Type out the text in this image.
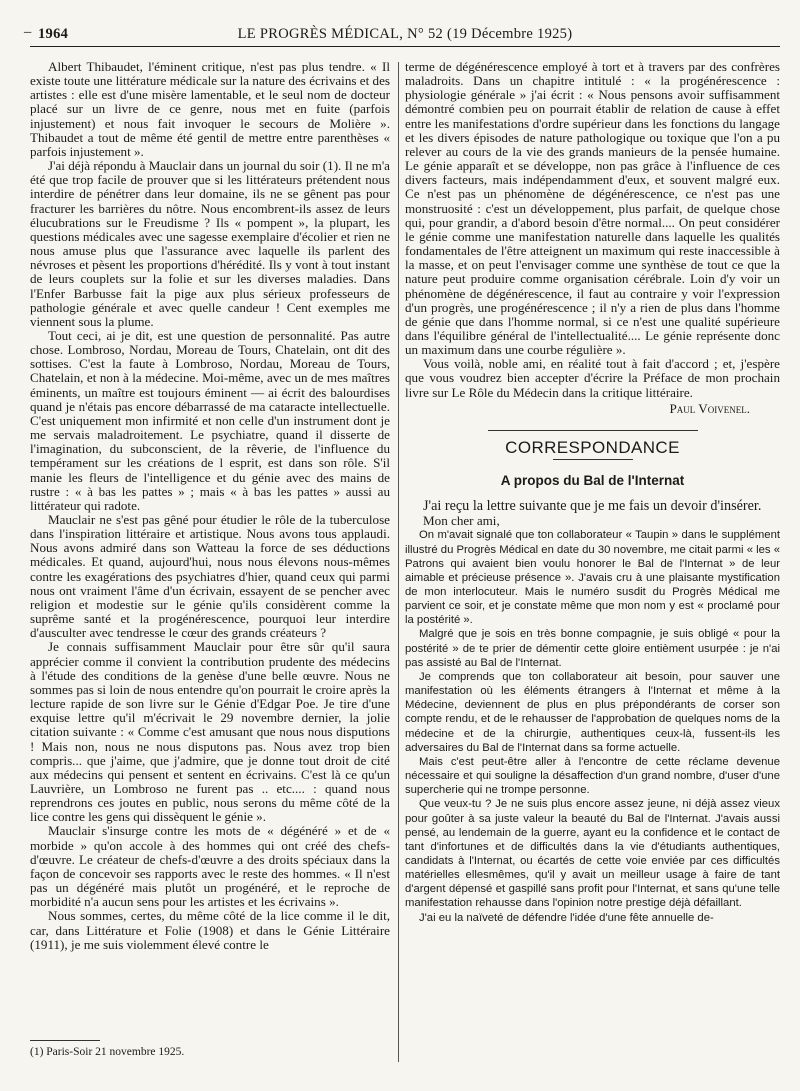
– 1964	LE PROGRÈS MÉDICAL, N° 52 (19 Décembre 1925)

Albert Thibaudet, l'éminent critique, n'est pas plus tendre. « Il existe toute une littérature médicale sur la nature des écrivains et des artistes : elle est d'une misère lamentable, et le seul nom de docteur placé sur un livre de ce genre, nous met en fuite (parfois injustement) et nous fait invoquer le secours de Molière ». Thibaudet a tout de même été gentil de mettre entre parenthèses « parfois injustement ».

J'ai déjà répondu à Mauclair dans un journal du soir (1). Il ne m'a été que trop facile de prouver que si les littérateurs prétendent nous interdire de pénétrer dans leur domaine, ils ne se gênent pas pour fracturer les barrières du nôtre. Nous encombrent-ils assez de leurs élucubrations sur le Freudisme ? Ils « pompent », la plupart, les questions médicales avec une sagesse exemplaire d'écolier et rien ne nous amuse plus que l'assurance avec laquelle ils parlent des névroses et pèsent les proportions d'hérédité. Ils y vont à tout instant de leurs couplets sur la folie et sur les diverses maladies. Dans l'Enfer Barbusse fait la pige aux plus sérieux professeurs de pathologie générale et avec quelle candeur ! Cent exemples me viennent sous la plume.

Tout ceci, ai je dit, est une question de personnalité. Pas autre chose. Lombroso, Nordau, Moreau de Tours, Chatelain, ont dit des sottises. C'est la faute à Lombroso, Nordau, Moreau de Tours, Chatelain, et non à la médecine. Moi-même, avec un de mes maîtres éminents, un maître est toujours éminent — ai écrit des balourdises quand je n'étais pas encore débarrassé de ma cataracte intellectuelle. C'est uniquement mon infirmité et non celle d'un instrument dont je me servais maladroitement. Le psychiatre, quand il disserte de l'imagination, du subconscient, de la rêverie, de l'influence du tempérament sur les créations de l esprit, est dans son rôle. S'il manie les fleurs de l'intelligence et du génie avec des mains de rustre : « à bas les pattes » ; mais « à bas les pattes » aussi au littérateur qui radote.

Mauclair ne s'est pas gêné pour étudier le rôle de la tuberculose dans l'inspiration littéraire et artistique. Nous avons tous applaudi. Nous avons admiré dans son Watteau la force de ses déductions médicales. Et quand, aujourd'hui, nous nous élevons nous-mêmes contre les exagérations des psychiatres d'hier, quand ceux qui parmi nous ont vraiment l'âme d'un écrivain, essayent de se pencher avec religion et modestie sur le génie qu'ils considèrent comme la suprême santé et la progénérescence, pourquoi leur interdire d'ausculter avec tendresse le cœur des grands créateurs ?

Je connais suffisamment Mauclair pour être sûr qu'il saura apprécier comme il convient la contribution prudente des médecins à l'étude des conditions de la genèse d'une belle œuvre. Nous ne sommes pas si loin de nous entendre qu'on pourrait le croire après la lecture rapide de son livre sur le Génie d'Edgar Poe. Je tire d'une exquise lettre qu'il m'écrivait le 29 novembre dernier, la jolie citation suivante : « Comme c'est amusant que nous nous disputions ! Mais non, nous ne nous disputons pas. Nous avez trop bien compris... que j'aime, que j'admire, que je donne tout droit de cité aux médecins qui pensent et sentent en écrivains. C'est là ce qu'un Lauvrière, un Lombroso ne furent pas .. etc.... : quand nous reprendrons ces joutes en public, nous serons du même côté de la lice contre les gens qui dissèquent le génie ».

Mauclair s'insurge contre les mots de « dégénéré » et de « morbide » qu'on accole à des hommes qui ont créé des chefs-d'œuvre. Le créateur de chefs-d'œuvre a des droits spéciaux dans la façon de concevoir ses rapports avec le reste des hommes. « Il n'est pas un dégénéré mais plutôt un progénéré, et le reproche de morbidité n'a aucun sens pour les artistes et les écrivains ».

Nous sommes, certes, du même côté de la lice comme il le dit, car, dans Littérature et Folie (1908) et dans le Génie Littéraire (1911), je me suis violemment élevé contre le

terme de dégénérescence employé à tort et à travers par des confrères maladroits. Dans un chapitre intitulé : « la progénérescence : physiologie générale » j'ai écrit : « Nous pensons avoir suffisamment démontré combien peu on pourrait établir de relation de cause à effet entre les manifestations d'ordre supérieur dans les fonctions du langage et les divers épisodes de nature pathologique ou toxique que l'on a pu relever au cours de la vie des grands manieurs de la pensée humaine. Le génie apparaît et se développe, non pas grâce à l'influence de ces divers facteurs, mais indépendamment d'eux, et souvent malgré eux. Ce n'est pas un phénomène de dégénérescence, ce n'est pas une monstruosité : c'est un développement, plus parfait, de quelque chose qui, pour grandir, a d'abord besoin d'être normal.... On peut considérer le génie comme une manifestation naturelle dans laquelle les qualités fondamentales de l'être atteignent un maximum qui reste inaccessible à la masse, et on peut l'envisager comme une synthèse de tout ce que la nature peut produire comme organisation cérébrale. Loin d'y voir un phénomène de dégénérescence, il faut au contraire y voir l'expression d'un progrès, une progénérescence ; il n'y a rien de plus dans l'homme de génie que dans l'homme normal, si ce n'est une qualité supérieure dans l'équilibre général de l'intellectualité.... Le génie représente donc un maximum dans une courbe régulière ».

Vous voilà, noble ami, en réalité tout à fait d'accord ; et, j'espère que vous voudrez bien accepter d'écrire la Préface de mon prochain livre sur Le Rôle du Médecin dans la critique littéraire.

Paul Voivenel.
CORRESPONDANCE
A propos du Bal de l'Internat

J'ai reçu la lettre suivante que je me fais un devoir d'insérer.

Mon cher ami,

On m'avait signalé que ton collaborateur « Taupin » dans le supplément illustré du Progrès Médical en date du 30 novembre, me citait parmi « les « Patrons qui avaient bien voulu honorer le Bal de l'Internat » de leur aimable et précieuse présence ». J'avais cru à une plaisante mystification de mon interlocuteur. Mais le numéro susdit du Progrès Médical me parvient ce soir, et je constate même que mon nom y est « proclamé pour la postérité ».

Malgré que je sois en très bonne compagnie, je suis obligé « pour la postérité » de te prier de démentir cette gloire entièment usurpée : je n'ai pas assisté au Bal de l'Internat.

Je comprends que ton collaborateur ait besoin, pour sauver une manifestation où les éléments étrangers à l'Internat et même à la Médecine, deviennent de plus en plus prépondérants de corser son compte rendu, et de le rehausser de l'approbation de quelques noms de la médecine et de la chirurgie, authentiques ceux-là, fussent-ils les adversaires du Bal de l'Internat dans sa forme actuelle.

Mais c'est peut-être aller à l'encontre de cette réclame devenue nécessaire et qui souligne la désaffection d'un grand nombre, d'user d'une supercherie qui ne trompe personne.

Que veux-tu ? Je ne suis plus encore assez jeune, ni déjà assez vieux pour goûter à sa juste valeur la beauté du Bal de l'Internat. J'avais aussi pensé, au lendemain de la guerre, ayant eu la confidence et le contact de tant d'infortunes et de difficultés dans la vie d'étudiants authentiques, candidats à l'Internat, ou écartés de cette voie enviée par ces difficultés matérielles ellesmêmes, qu'il y avait un meilleur usage à faire de tant d'argent dépensé et gaspillé sans profit pour l'Internat, et sans qu'une telle manifestation rehausse dans l'opinion notre prestige déjà défaillant.

J'ai eu la naïveté de défendre l'idée d'une fête annuelle de-

(1) Paris-Soir 21 novembre 1925.
